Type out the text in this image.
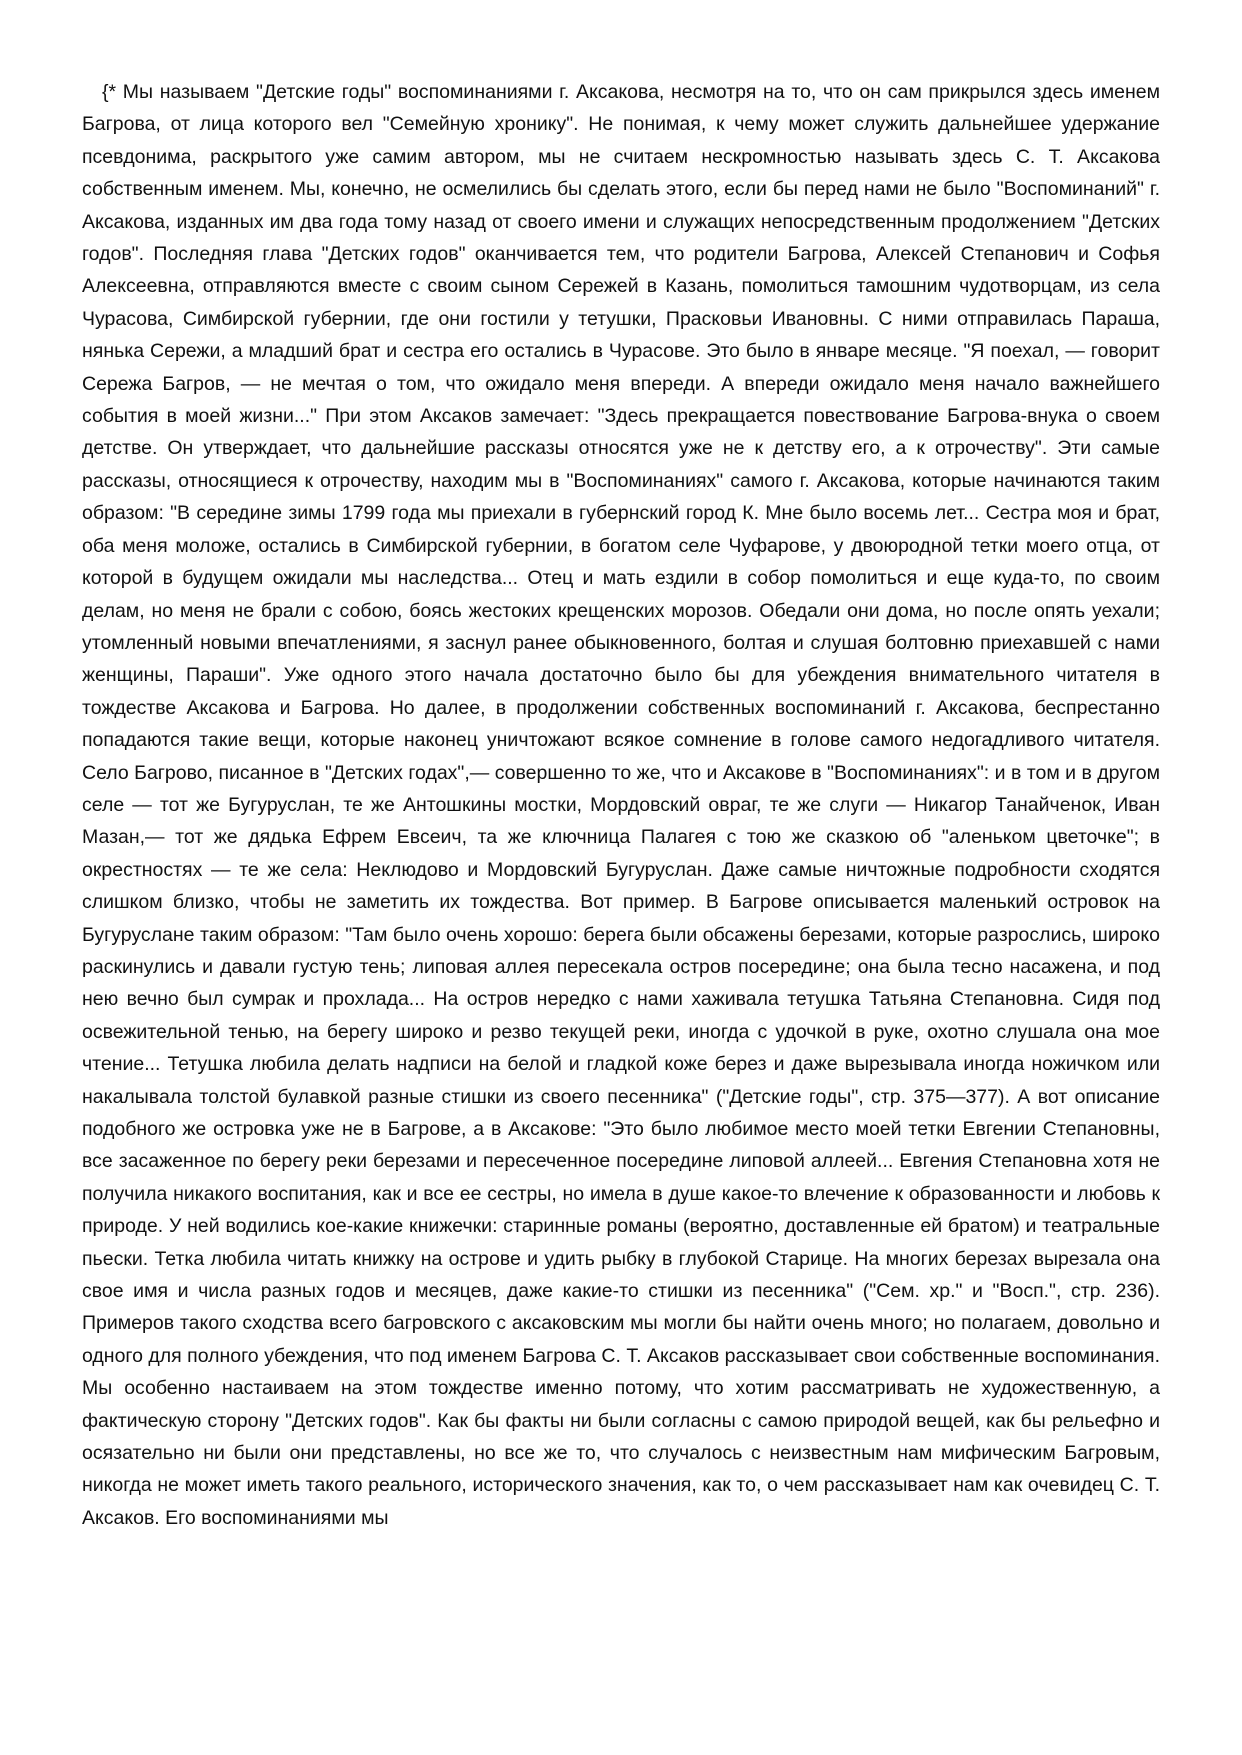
{* Мы называем "Детские годы" воспоминаниями г. Аксакова, несмотря на то, что он сам прикрылся здесь именем Багрова, от лица которого вел "Семейную хронику". Не понимая, к чему может служить дальнейшее удержание псевдонима, раскрытого уже самим автором, мы не считаем нескромностью называть здесь С. Т. Аксакова собственным именем. Мы, конечно, не осмелились бы сделать этого, если бы перед нами не было "Воспоминаний" г. Аксакова, изданных им два года тому назад от своего имени и служащих непосредственным продолжением "Детских годов". Последняя глава "Детских годов" оканчивается тем, что родители Багрова, Алексей Степанович и Софья Алексеевна, отправляются вместе с своим сыном Сережей в Казань, помолиться тамошним чудотворцам, из села Чурасова, Симбирской губернии, где они гостили у тетушки, Прасковьи Ивановны. С ними отправилась Параша, нянька Сережи, а младший брат и сестра его остались в Чурасове. Это было в январе месяце. "Я поехал, — говорит Сережа Багров, — не мечтая о том, что ожидало меня впереди. А впереди ожидало меня начало важнейшего события в моей жизни..." При этом Аксаков замечает: "Здесь прекращается повествование Багрова-внука о своем детстве. Он утверждает, что дальнейшие рассказы относятся уже не к детству его, а к отрочеству". Эти самые рассказы, относящиеся к отрочеству, находим мы в "Воспоминаниях" самого г. Аксакова, которые начинаются таким образом: "В середине зимы 1799 года мы приехали в губернский город К. Мне было восемь лет... Сестра моя и брат, оба меня моложе, остались в Симбирской губернии, в богатом селе Чуфарове, у двоюродной тетки моего отца, от которой в будущем ожидали мы наследства... Отец и мать ездили в собор помолиться и еще куда-то, по своим делам, но меня не брали с собою, боясь жестоких крещенских морозов. Обедали они дома, но после опять уехали; утомленный новыми впечатлениями, я заснул ранее обыкновенного, болтая и слушая болтовню приехавшей с нами женщины, Параши". Уже одного этого начала достаточно было бы для убеждения внимательного читателя в тождестве Аксакова и Багрова. Но далее, в продолжении собственных воспоминаний г. Аксакова, беспрестанно попадаются такие вещи, которые наконец уничтожают всякое сомнение в голове самого недогадливого читателя. Село Багрово, писанное в "Детских годах",— совершенно то же, что и Аксакове в "Воспоминаниях": и в том и в другом селе — тот же Бугуруслан, те же Антошкины мостки, Мордовский овраг, те же слуги — Никагор Танайченок, Иван Мазан,— тот же дядька Ефрем Евсеич, та же ключница Палагея с тою же сказкою об "аленьком цветочке"; в окрестностях — те же села: Неклюдово и Мордовский Бугуруслан. Даже самые ничтожные подробности сходятся слишком близко, чтобы не заметить их тождества. Вот пример. В Багрове описывается маленький островок на Бугуруслане таким образом: "Там было очень хорошо: берега были обсажены березами, которые разрослись, широко раскинулись и давали густую тень; липовая аллея пересекала остров посередине; она была тесно насажена, и под нею вечно был сумрак и прохлада... На остров нередко с нами хаживала тетушка Татьяна Степановна. Сидя под освежительной тенью, на берегу широко и резво текущей реки, иногда с удочкой в руке, охотно слушала она мое чтение... Тетушка любила делать надписи на белой и гладкой коже берез и даже вырезывала иногда ножичком или накалывала толстой булавкой разные стишки из своего песенника" ("Детские годы", стр. 375—377). А вот описание подобного же островка уже не в Багрове, а в Аксакове: "Это было любимое место моей тетки Евгении Степановны, все засаженное по берегу реки березами и пересеченное посередине липовой аллеей... Евгения Степановна хотя не получила никакого воспитания, как и все ее сестры, но имела в душе какое-то влечение к образованности и любовь к природе. У ней водились кое-какие книжечки: старинные романы (вероятно, доставленные ей братом) и театральные пьески. Тетка любила читать книжку на острове и удить рыбку в глубокой Старице. На многих березах вырезала она свое имя и числа разных годов и месяцев, даже какие-то стишки из песенника" ("Сем. хр." и "Восп.", стр. 236). Примеров такого сходства всего багровского с аксаковским мы могли бы найти очень много; но полагаем, довольно и одного для полного убеждения, что под именем Багрова С. Т. Аксаков рассказывает свои собственные воспоминания. Мы особенно настаиваем на этом тождестве именно потому, что хотим рассматривать не художественную, а фактическую сторону "Детских годов". Как бы факты ни были согласны с самою природой вещей, как бы рельефно и осязательно ни были они представлены, но все же то, что случалось с неизвестным нам мифическим Багровым, никогда не может иметь такого реального, исторического значения, как то, о чем рассказывает нам как очевидец С. Т. Аксаков. Его воспоминаниями мы
